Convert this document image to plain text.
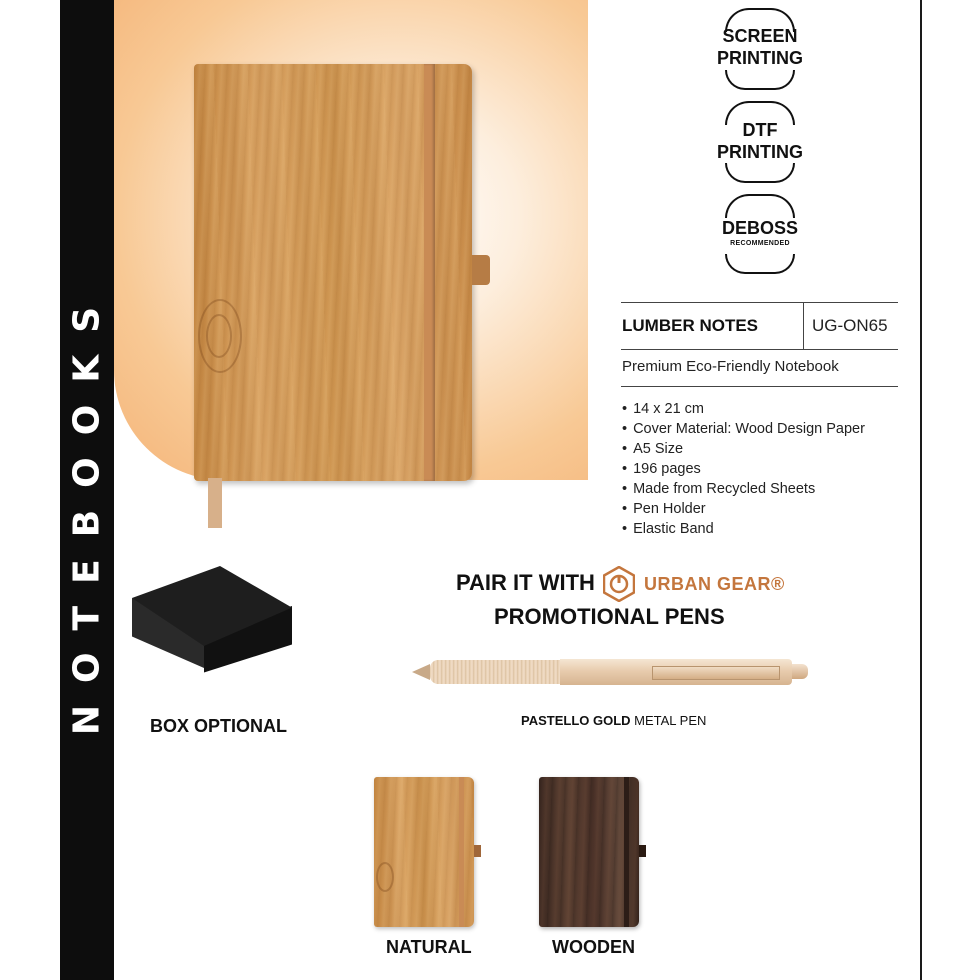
NOTEBOOKS
SCREEN
PRINTING
DTF
PRINTING
DEBOSS
RECOMMENDED
LUMBER NOTES	UG-ON65
Premium Eco-Friendly Notebook
• 14 x 21 cm
• Cover Material: Wood Design Paper
• A5 Size
• 196 pages
• Made from Recycled Sheets
• Pen Holder
• Elastic Band
PAIR IT WITH	URBAN GEAR®
PROMOTIONAL PENS
PASTELLO GOLD METAL PEN
BOX OPTIONAL
NATURAL	WOODEN
